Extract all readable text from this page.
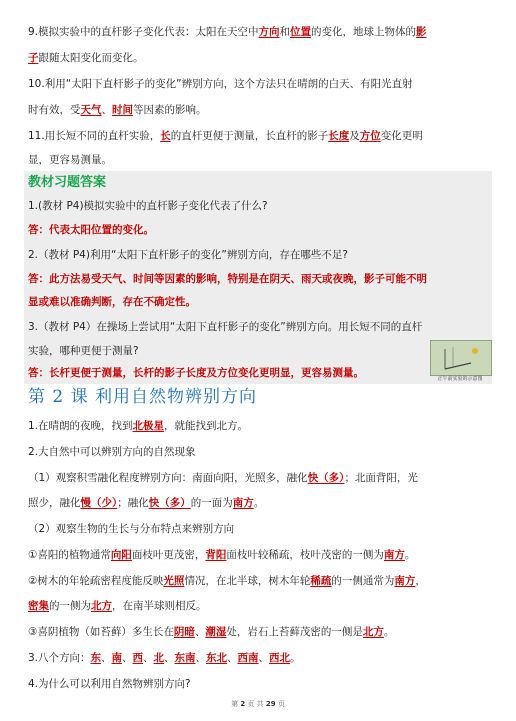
9.模拟实验中的直杆影子变化代表：太阳在天空中方向和位置的变化，地球上物体的影
子跟随太阳变化而变化。
10.利用“太阳下直杆影子的变化”辨别方向，这个方法只在晴朗的白天、有阳光直射
时有效，受天气、时间等因素的影响。
11.用长短不同的直杆实验，长的直杆更便于测量，长直杆的影子长度及方位变化更明
显，更容易测量。
教材习题答案
1.(教材 P4)模拟实验中的直杆影子变化代表了什么?
答：代表太阳位置的变化。
2.（教材 P4)利用“太阳下直杆影子的变化”辨别方向，存在哪些不足?
答：此方法易受天气、时间等因素的影响，特别是在阴天、雨天或夜晚，影子可能不明
显或难以准确判断，存在不确定性。
3.（教材 P4）在操场上尝试用“太阳下直杆影子的变化”辨别方向。用长短不同的直杆
实验，哪种更便于测量?
答：长杆更便于测量，长杆的影子长度及方位变化更明显，更容易测量。	正午前实验的示意图
第 2 课 利用自然物辨别方向
1.在晴朗的夜晚，找到北极星，就能找到北方。
2.大自然中可以辨别方向的自然现象
（1）观察积雪融化程度辨别方向：南面向阳，光照多，融化快（多）；北面背阳，光
照少，融化慢（少）；融化快（多）的一面为南方。
（2）观察生物的生长与分布特点来辨别方向
①喜阳的植物通常向阳面枝叶更茂密，背阳面枝叶较稀疏，枝叶茂密的一侧为南方。
②树木的年轮疏密程度能反映光照情况，在北半球，树木年轮稀疏的一侧通常为南方，
密集的一侧为北方，在南半球则相反。
③喜阴植物（如苔藓）多生长在阴暗、潮湿处，岩石上苔藓茂密的一侧是北方。
3.八个方向：东、南、西、北、东南、东北、西南、西北。
4.为什么可以利用自然物辨别方向?
第 2 页 共 29 页
